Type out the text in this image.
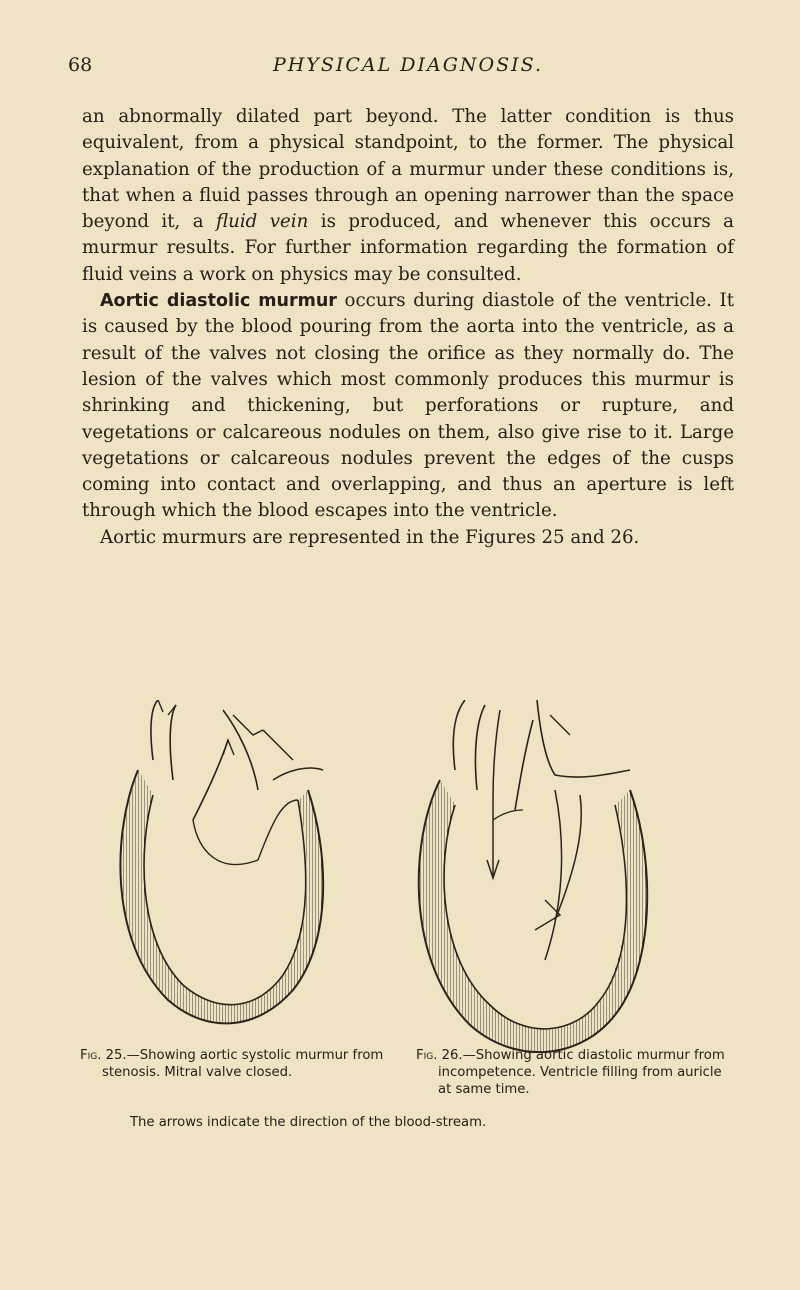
68	PHYSICAL DIAGNOSIS.

an abnormally dilated part beyond. The latter condition is thus equivalent, from a physical standpoint, to the former. The physical explanation of the production of a murmur under these conditions is, that when a fluid passes through an opening narrower than the space beyond it, a fluid vein is produced, and whenever this occurs a murmur results. For further information regarding the formation of fluid veins a work on physics may be consulted.

Aortic diastolic murmur occurs during diastole of the ventricle. It is caused by the blood pouring from the aorta into the ventricle, as a result of the valves not closing the orifice as they normally do. The lesion of the valves which most commonly produces this murmur is shrinking and thickening, but perforations or rupture, and vegetations or calcareous nodules on them, also give rise to it. Large vegetations or calcareous nodules prevent the edges of the cusps coming into contact and overlapping, and thus an aperture is left through which the blood escapes into the ventricle.

Aortic murmurs are represented in the Figures 25 and 26.

Fig. 25.—Showing aortic systolic murmur from stenosis. Mitral valve closed.
Fig. 26.—Showing aortic diastolic murmur from incompetence. Ventricle filling from auricle at same time.
The arrows indicate the direction of the blood-stream.
